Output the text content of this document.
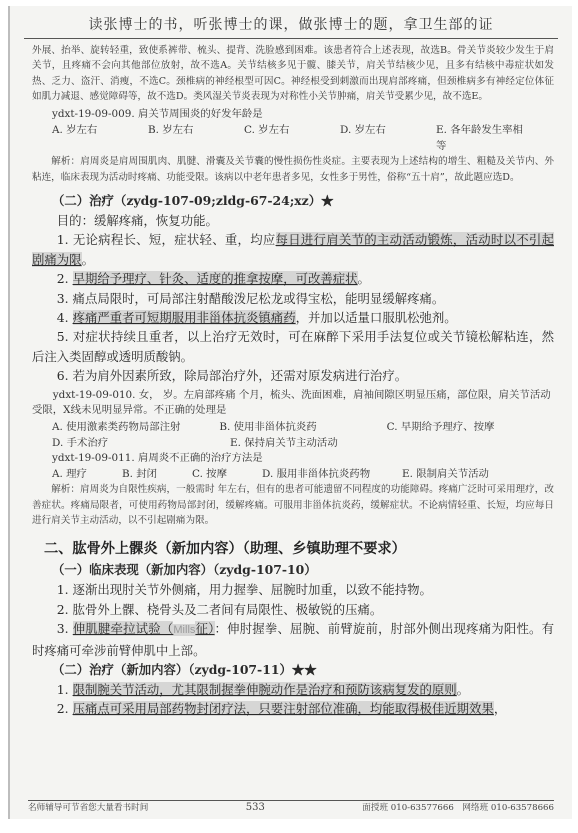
读张博士的书，听张博士的课，做张博士的题，拿卫生部的证

外展、抬举、旋转轻重，致使系裤带、梳头、提背、洗脸感到困难。该患者符合上述表现，故选B。骨关节炎较少发生于肩关节，且疼痛不会向其他部位放射，故不选A。关节结核多见于髋、膝关节，肩关节结核少见，且多有结核中毒症状如发热、乏力、盗汗、消瘦，不选C。颈椎病的神经根型可因C。神经根受到刺激而出现肩部疼痛，但颈椎病多有神经定位体征如肌力减退、感觉障碍等，故不选D。类风湿关节炎表现为对称性小关节肿痛，肩关节受累少见，故不选E。

ydxt-19-09-009. 肩关节周围炎的好发年龄是

A. 岁左右	B. 岁左右	C. 岁左右	D. 岁左右	E. 各年龄发生率相等

解析：肩周炎是肩周围肌肉、肌腱、滑囊及关节囊的慢性损伤性炎症。主要表现为上述结构的增生、粗糙及关节内、外粘连，临床表现为活动时疼痛、功能受限。该病以中老年患者多见，女性多于男性，俗称“五十肩”，故此题应选D。

（二）治疗（zydg-107-09;zldg-67-24;xz）★

目的：缓解疼痛，恢复功能。

1. 无论病程长、短，症状轻、重，均应每日进行肩关节的主动活动锻炼，活动时以不引起剧痛为限。

2. 早期给予理疗、针灸、适度的推拿按摩，可改善症状。

3. 痛点局限时，可局部注射醋酸泼尼松龙或得宝松，能明显缓解疼痛。

4. 疼痛严重者可短期服用非甾体抗炎镇痛药，并加以适量口服肌松弛剂。

5. 对症状持续且重者，以上治疗无效时，可在麻醉下采用手法复位或关节镜松解粘连，然后注入类固醇或透明质酸钠。

6. 若为肩外因素所致，除局部治疗外，还需对原发病进行治疗。

ydxt-19-09-010. 女， 岁。左肩部疼痛 个月，梳头、洗面困难，肩袖间隙区明显压痛，部位限，肩关节活动受限，X线未见明显异常。不正确的处理是

A. 使用激素类药物局部注射	B. 使用非甾体抗炎药	C. 早期给予理疗、按摩
D. 手术治疗	E. 保持肩关节主动活动

ydxt-19-09-011. 肩周炎不正确的治疗方法是

A. 理疗	B. 封闭	C. 按摩	D. 服用非甾体抗炎药物	E. 限制肩关节活动

解析：肩周炎为自限性疾病，一般需时 年左右，但有的患者可能遗留不同程度的功能障碍。疼痛广泛时可采用理疗，改善症状。疼痛局限者，可使用药物局部封闭，缓解疼痛。可服用非甾体抗炎药，缓解症状。不论病情轻重、长短，均应每日进行肩关节主动活动，以不引起剧痛为限。

二、肱骨外上髁炎（新加内容）（助理、乡镇助理不要求）

（一）临床表现（新加内容）（zydg-107-10）

1. 逐渐出现肘关节外侧痛，用力握拳、屈腕时加重，以致不能持物。

2. 肱骨外上髁、桡骨头及二者间有局限性、极敏锐的压痛。

3. 伸肌腱牵拉试验（Mills征）：伸肘握拳、屈腕、前臂旋前，肘部外侧出现疼痛为阳性。有时疼痛可牵涉前臂伸肌中上部。

（二）治疗（新加内容）（zydg-107-11）★★

1. 限制腕关节活动，尤其限制握拳伸腕动作是治疗和预防该病复发的原则。

2. 压痛点可采用局部药物封闭疗法，只要注射部位准确，均能取得极佳近期效果，

名师辅导可节省您大量看书时间	533	面授班 010-63577666　网络班 010-63578666
